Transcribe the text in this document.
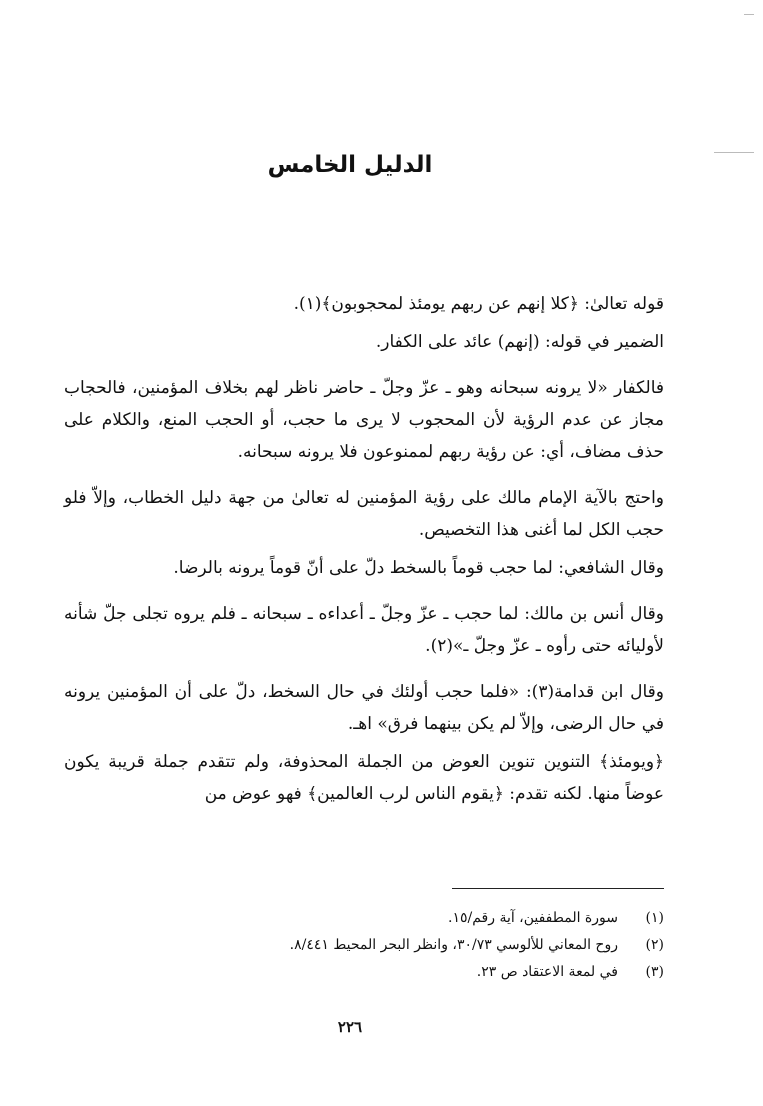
الدليل الخامس

قوله تعالىٰ: ﴿كلا إنهم عن ربهم يومئذ لمحجوبون﴾(١).

الضمير في قوله: (إنهم) عائد على الكفار.

فالكفار «لا يرونه سبحانه وهو ـ عزّ وجلّ ـ حاضر ناظر لهم بخلاف المؤمنين، فالحجاب مجاز عن عدم الرؤية لأن المحجوب لا يرى ما حجب، أو الحجب المنع، والكلام على حذف مضاف، أي: عن رؤية ربهم لممنوعون فلا يرونه سبحانه.

واحتج بالآية الإمام مالك على رؤية المؤمنين له تعالىٰ من جهة دليل الخطاب، وإلاّ فلو حجب الكل لما أغنى هذا التخصيص.

وقال الشافعي: لما حجب قوماً بالسخط دلّ على أنّ قوماً يرونه بالرضا.

وقال أنس بن مالك: لما حجب ـ عزّ وجلّ ـ أعداءه ـ سبحانه ـ فلم يروه تجلى جلّ شأنه لأوليائه حتى رأوه ـ عزّ وجلّ ـ»(٢).

وقال ابن قدامة(٣): «فلما حجب أولئك في حال السخط، دلّ على أن المؤمنين يرونه في حال الرضى، وإلاّ لم يكن بينهما فرق» اهـ.

﴿ويومئذ﴾ التنوين تنوين العوض من الجملة المحذوفة، ولم تتقدم جملة قريبة يكون عوضاً منها. لكنه تقدم: ﴿يقوم الناس لرب العالمين﴾ فهو عوض من

(١)
سورة المطففين، آية رقم/١٥.
(٢)
روح المعاني للألوسي ٣٠/٧٣، وانظر البحر المحيط ٨/٤٤١.
(٣)
في لمعة الاعتقاد ص ٢٣.
٢٢٦
